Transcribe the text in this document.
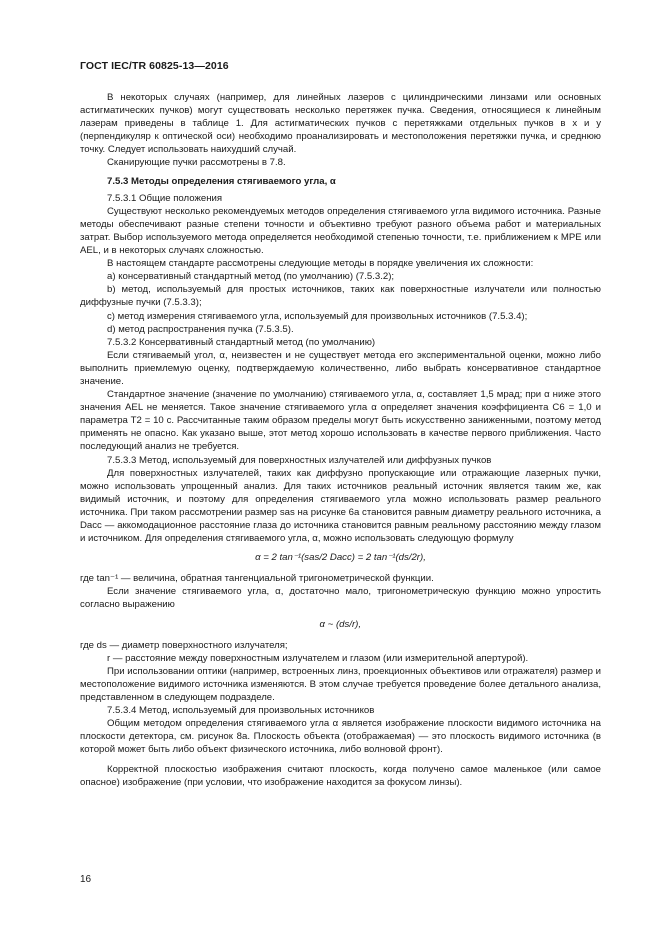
ГОСТ IEC/TR 60825-13—2016

В некоторых случаях (например, для линейных лазеров с цилиндрическими линзами или основных астигматических пучков) могут существовать несколько перетяжек пучка. Сведения, относящиеся к линейным лазерам приведены в таблице 1. Для астигматических пучков с перетяжками отдельных пучков в x и y (перпендикуляр к оптической оси) необходимо проанализировать и местоположения перетяжки пучка, и среднюю точку. Следует использовать наихудший случай.

Сканирующие пучки рассмотрены в 7.8.

7.5.3 Методы определения стягиваемого угла, α

7.5.3.1 Общие положения

Существуют несколько рекомендуемых методов определения стягиваемого угла видимого источника. Разные методы обеспечивают разные степени точности и объективно требуют разного объема работ и материальных затрат. Выбор используемого метода определяется необходимой степенью точности, т.е. приближением к MPE или AEL, и в некоторых случаях сложностью.

В настоящем стандарте рассмотрены следующие методы в порядке увеличения их сложности:

a) консервативный стандартный метод (по умолчанию) (7.5.3.2);

b) метод, используемый для простых источников, таких как поверхностные излучатели или полностью диффузные пучки (7.5.3.3);

c) метод измерения стягиваемого угла, используемый для произвольных источников (7.5.3.4);

d) метод распространения пучка (7.5.3.5).

7.5.3.2 Консервативный стандартный метод (по умолчанию)

Если стягиваемый угол, α, неизвестен и не существует метода его экспериментальной оценки, можно либо выполнить приемлемую оценку, подтверждаемую количественно, либо выбрать консервативное стандартное значение.

Стандартное значение (значение по умолчанию) стягиваемого угла, α, составляет 1,5 мрад; при α ниже этого значения AEL не меняется. Такое значение стягиваемого угла α определяет значения коэффициента C6 = 1,0 и параметра T2 = 10 с. Рассчитанные таким образом пределы могут быть искусственно заниженными, поэтому метод применять не опасно. Как указано выше, этот метод хорошо использовать в качестве первого приближения. Часто последующий анализ не требуется.

7.5.3.3 Метод, используемый для поверхностных излучателей или диффузных пучков

Для поверхностных излучателей, таких как диффузно пропускающие или отражающие лазерных пучки, можно использовать упрощенный анализ. Для таких источников реальный источник является таким же, как видимый источник, и поэтому для определения стягиваемого угла можно использовать размер реального источника. При таком рассмотрении размер sas на рисунке 6а становится равным диаметру реального источника, а Dacc — аккомодационное расстояние глаза до источника становится равным реальному расстоянию между глазом и источником. Для определения стягиваемого угла, α, можно использовать следующую формулу

α = 2 tan⁻¹(sas/2 Dacc) = 2 tan⁻¹(ds/2r),

где tan⁻¹ — величина, обратная тангенциальной тригонометрической функции.

Если значение стягиваемого угла, α, достаточно мало, тригонометрическую функцию можно упростить согласно выражению

α ~ (ds/r),

где ds — диаметр поверхностного излучателя;

r — расстояние между поверхностным излучателем и глазом (или измерительной апертурой).

При использовании оптики (например, встроенных линз, проекционных объективов или отражателя) размер и местоположение видимого источника изменяются. В этом случае требуется проведение более детального анализа, представленном в следующем подразделе.

7.5.3.4 Метод, используемый для произвольных источников

Общим методом определения стягиваемого угла α является изображение плоскости видимого источника на плоскости детектора, см. рисунок 8а. Плоскость объекта (отображаемая) — это плоскость видимого источника (в которой может быть либо объект физического источника, либо волновой фронт).

Корректной плоскостью изображения считают плоскость, когда получено самое маленькое (или самое опасное) изображение (при условии, что изображение находится за фокусом линзы).

16
